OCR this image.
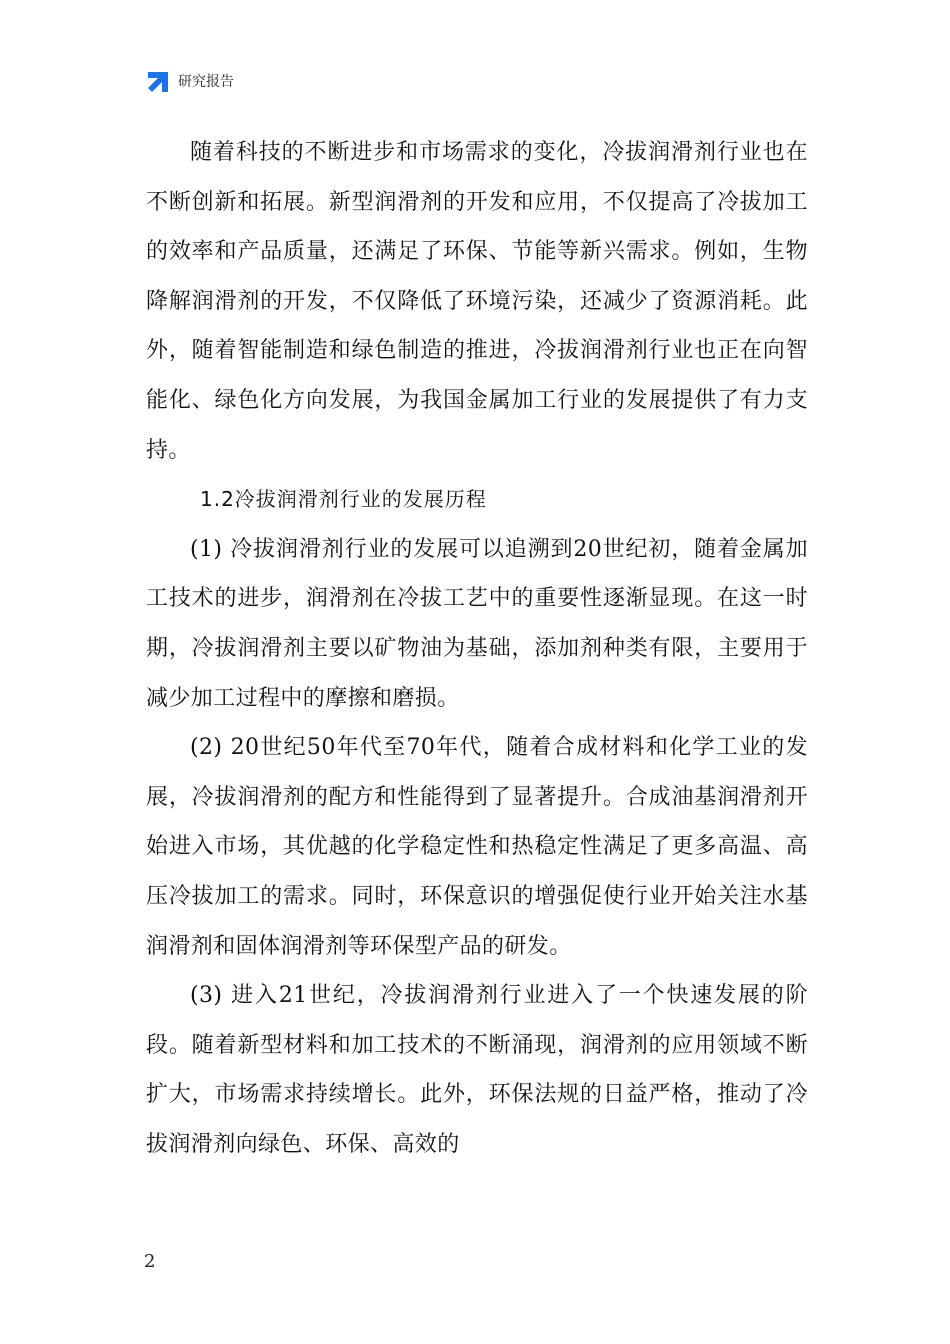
研究报告

随着科技的不断进步和市场需求的变化，冷拔润滑剂行业也在不断创新和拓展。新型润滑剂的开发和应用，不仅提高了冷拔加工的效率和产品质量，还满足了环保、节能等新兴需求。例如，生物降解润滑剂的开发，不仅降低了环境污染，还减少了资源消耗。此外，随着智能制造和绿色制造的推进，冷拔润滑剂行业也正在向智能化、绿色化方向发展，为我国金属加工行业的发展提供了有力支持。

1.2冷拔润滑剂行业的发展历程

(1) 冷拔润滑剂行业的发展可以追溯到20世纪初，随着金属加工技术的进步，润滑剂在冷拔工艺中的重要性逐渐显现。在这一时期，冷拔润滑剂主要以矿物油为基础，添加剂种类有限，主要用于减少加工过程中的摩擦和磨损。

(2) 20世纪50年代至70年代，随着合成材料和化学工业的发展，冷拔润滑剂的配方和性能得到了显著提升。合成油基润滑剂开始进入市场，其优越的化学稳定性和热稳定性满足了更多高温、高压冷拔加工的需求。同时，环保意识的增强促使行业开始关注水基润滑剂和固体润滑剂等环保型产品的研发。

(3) 进入21世纪，冷拔润滑剂行业进入了一个快速发展的阶段。随着新型材料和加工技术的不断涌现，润滑剂的应用领域不断扩大，市场需求持续增长。此外，环保法规的日益严格，推动了冷拔润滑剂向绿色、环保、高效的

2
